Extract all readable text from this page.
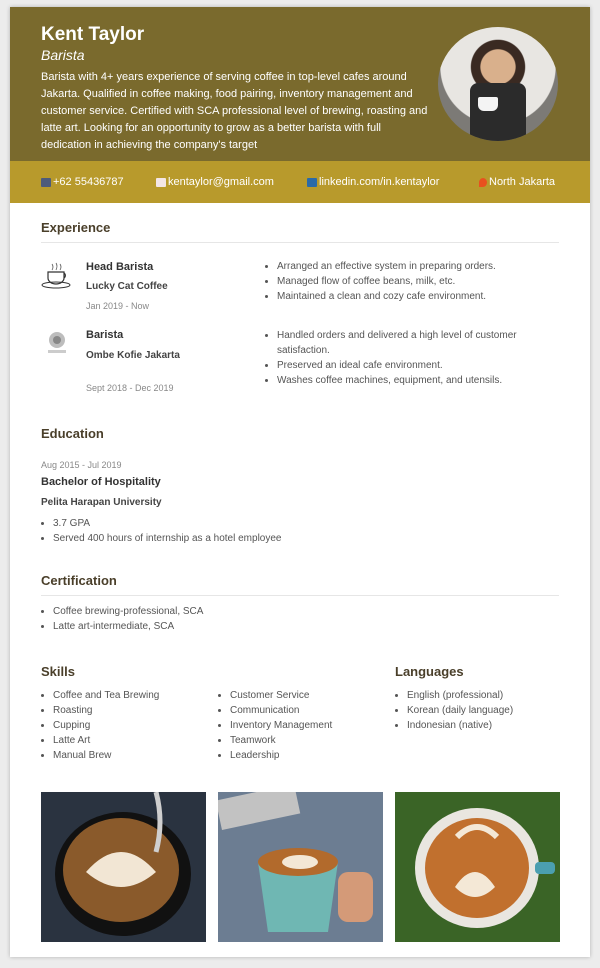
Kent Taylor
Barista
Barista with 4+ years experience of serving coffee in top-level cafes around Jakarta. Qualified in coffee making, food pairing, inventory management and customer service. Certified with SCA professional level of brewing, roasting and latte art. Looking for an opportunity to grow as a better barista with full dedication in achieving the company's target
+62 55436787	kentaylor@gmail.com	linkedin.com/in.kentaylor	North Jakarta
Experience
Head Barista
Lucky Cat Coffee
Jan 2019 - Now
• Arranged an effective system in preparing orders.
• Managed flow of coffee beans, milk, etc.
• Maintained a clean and cozy cafe environment.
Barista
Ombe Kofie Jakarta
Sept 2018 - Dec 2019
• Handled orders and delivered a high level of customer satisfaction.
• Preserved an ideal cafe environment.
• Washes coffee machines, equipment, and utensils.
Education
Aug 2015 - Jul 2019
Bachelor of Hospitality
Pelita Harapan University
• 3.7 GPA
• Served 400 hours of internship as a hotel employee
Certification
• Coffee brewing-professional, SCA
• Latte art-intermediate, SCA
Skills
• Coffee and Tea Brewing
• Roasting
• Cupping
• Latte Art
• Manual Brew
• Customer Service
• Communication
• Inventory Management
• Teamwork
• Leadership
Languages
• English (professional)
• Korean (daily language)
• Indonesian (native)
